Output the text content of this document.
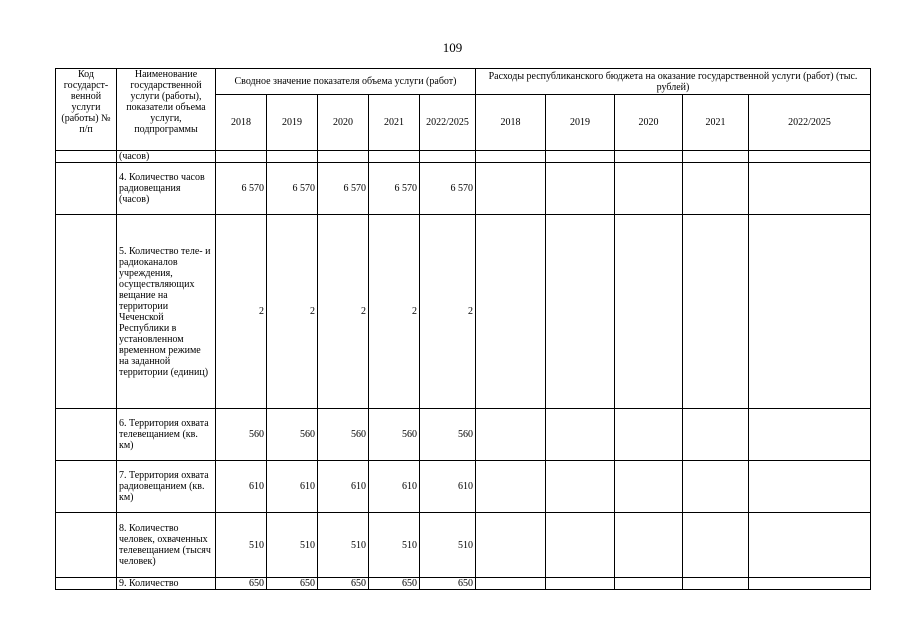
109
Код государст-венной услуги (работы) № п/п	Наименование государственной услуги (работы), показатели объема услуги, подпрограммы	Сводное значение показателя объема услуги (работ)					Расходы республиканского бюджета на оказание государственной услуги (работ) (тыс. рублей)				
		2018	2019	2020	2021	2022/2025	2018	2019	2020	2021	2022/2025
	(часов)										
	4. Количество часов радиовещания (часов)	6 570	6 570	6 570	6 570	6 570					
	5. Количество теле- и радиоканалов учреждения, осуществляющих вещание на территории Чеченской Республики в установленном временном режиме на заданной территории (единиц)	2	2	2	2	2					
	6. Территория охвата телевещанием (кв. км)	560	560	560	560	560					
	7. Территория охвата радиовещанием (кв. км)	610	610	610	610	610					
	8. Количество человек, охваченных телевещанием (тысяч человек)	510	510	510	510	510					
	9. Количество	650	650	650	650	650					
